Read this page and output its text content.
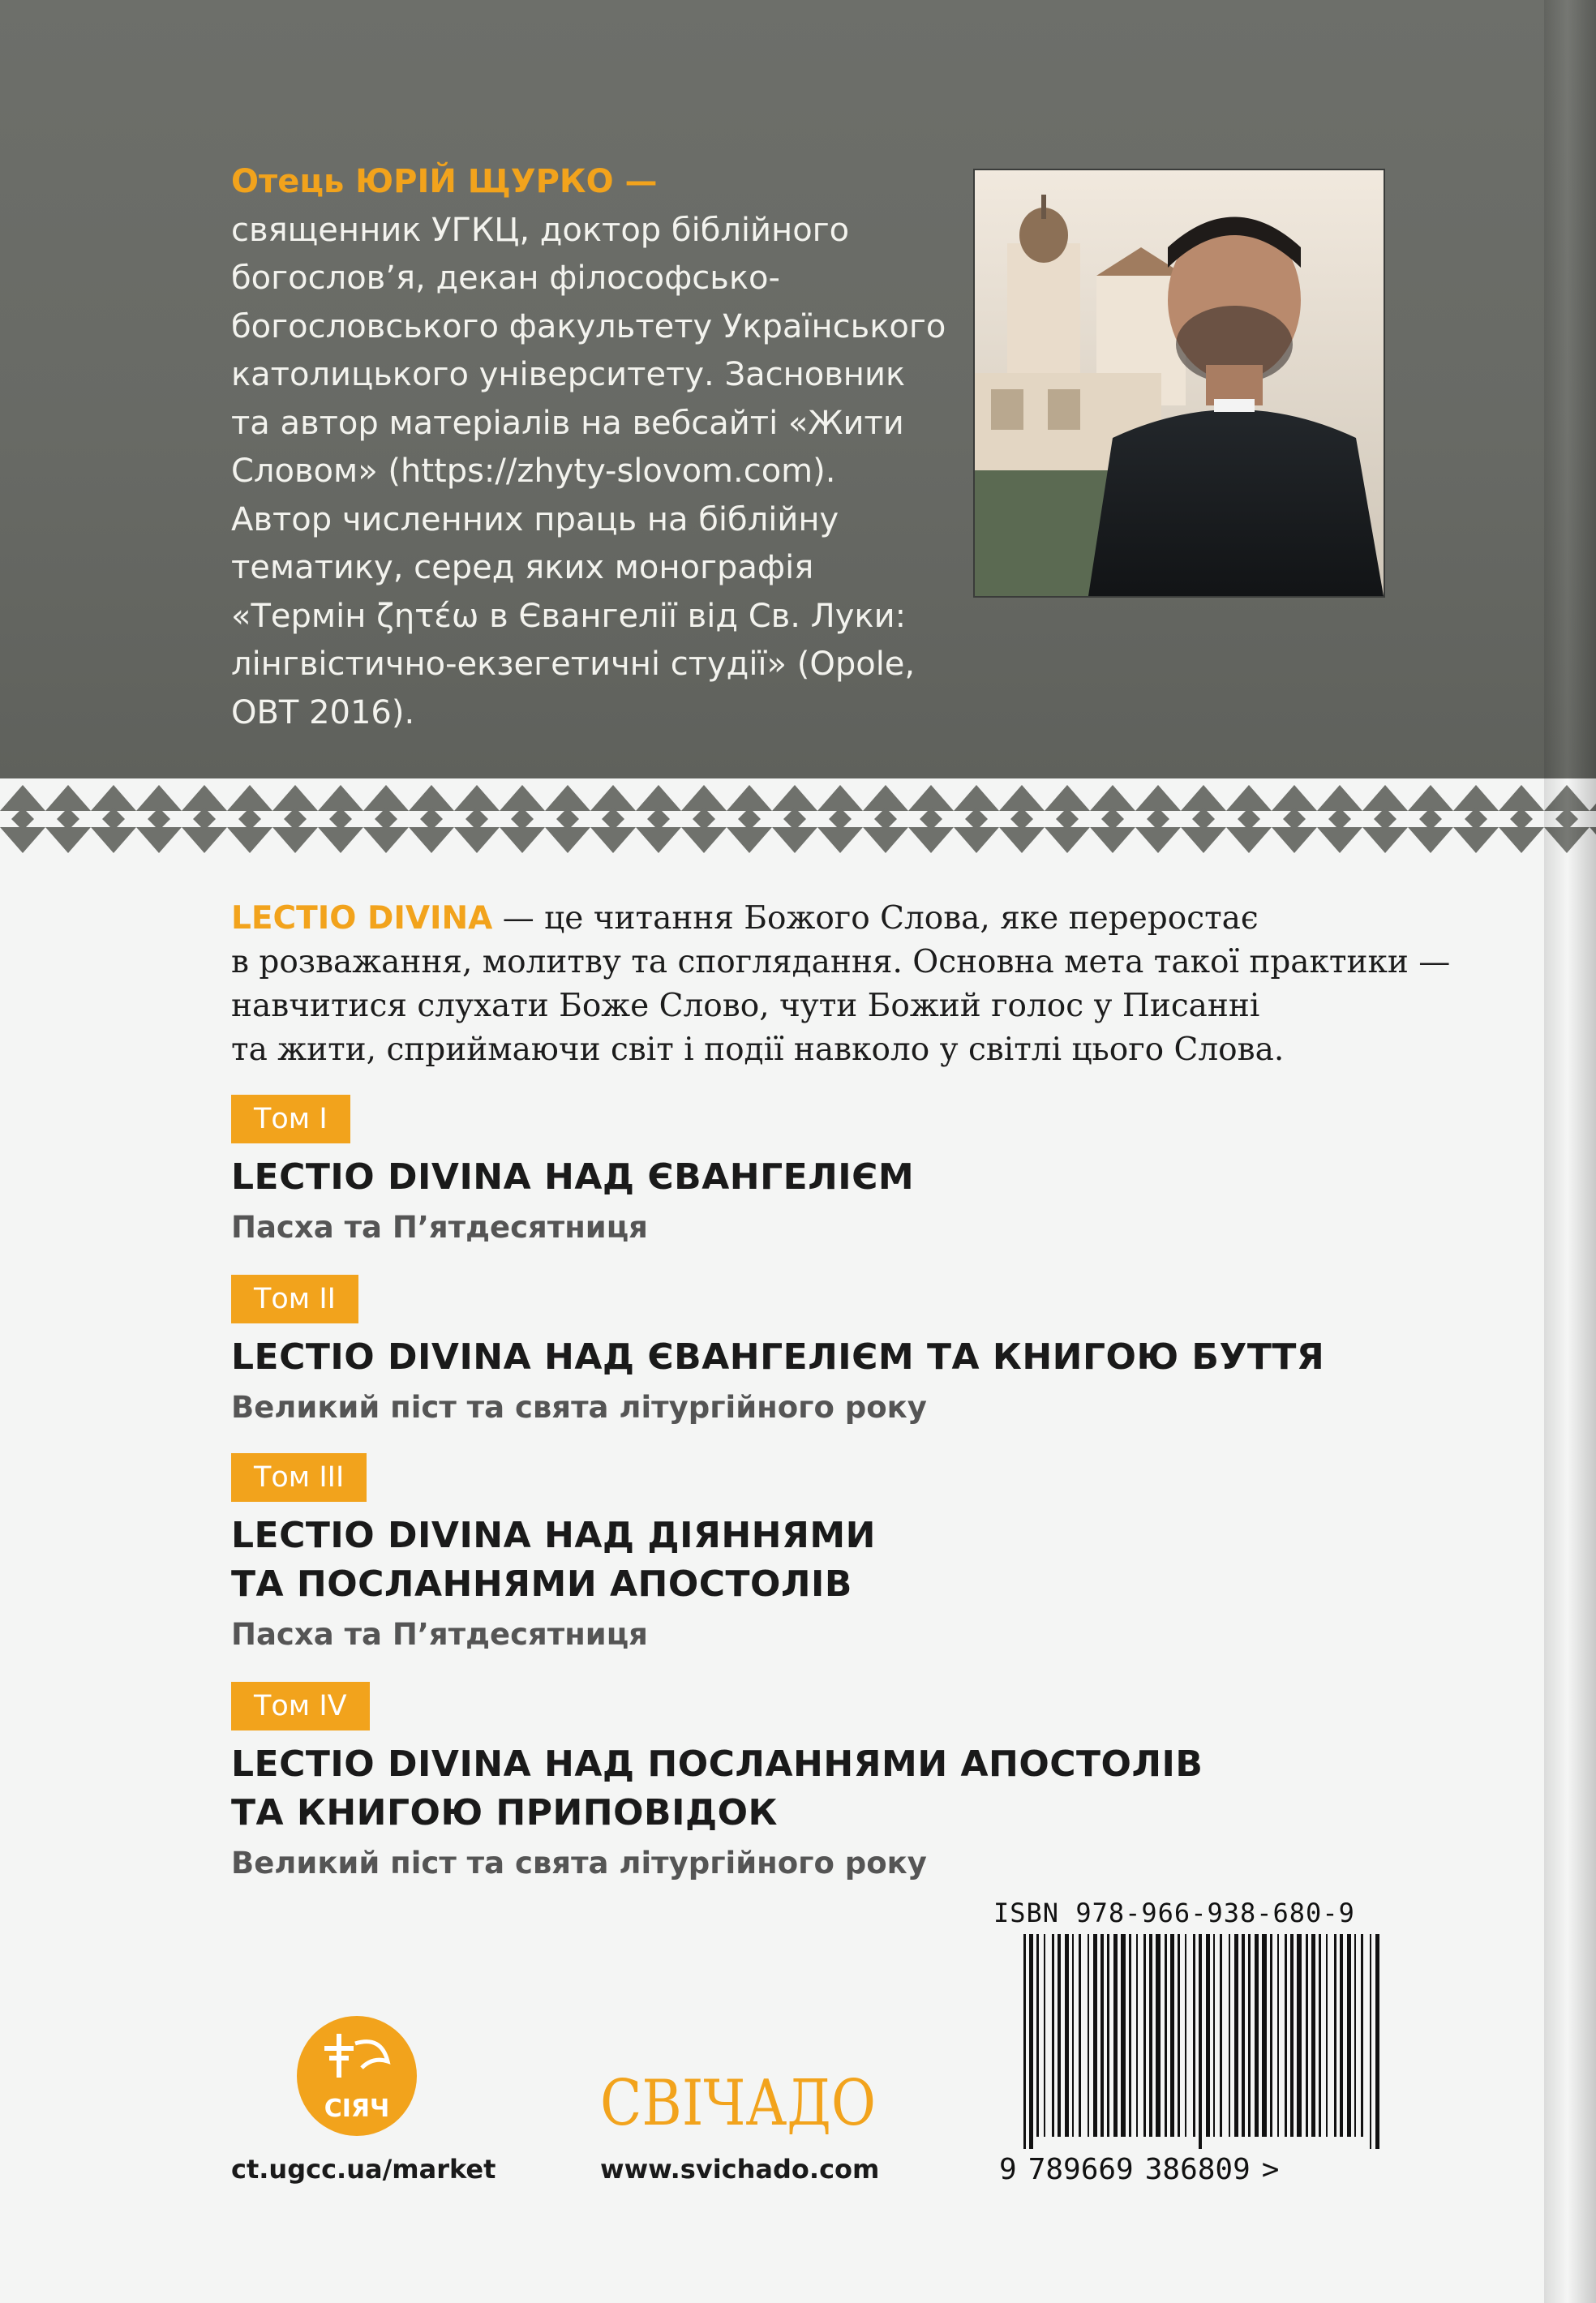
Отець ЮРІЙ ЩУРКО —
священник УГКЦ, доктор біблійного
богослов’я, декан філософсько-
богословського факультету Українського
католицького університету. Засновник
та автор матеріалів на вебсайті «Жити
Словом» (https://zhyty-slovom.com).
Автор численних праць на біблійну
тематику, серед яких монографія
«Термін ζητέω в Євангелії від Св. Луки:
лінгвістично-екзегетичні студії» (Opole,
OBT 2016).
LECTIO DIVINA — це читання Божого Слова, яке переростає
в розважання, молитву та споглядання. Основна мета такої практики —
навчитися слухати Боже Слово, чути Божий голос у Писанні
та жити, сприймаючи світ і події навколо у світлі цього Слова.
Том I
LECTIO DIVINA НАД ЄВАНГЕЛІЄМ
Пасха та П’ятдесятниця
Том II
LECTIO DIVINA НАД ЄВАНГЕЛІЄМ ТА КНИГОЮ БУТТЯ
Великий піст та свята літургійного року
Том III
LECTIO DIVINA НАД ДІЯННЯМИ
ТА ПОСЛАННЯМИ АПОСТОЛІВ
Пасха та П’ятдесятниця
Том IV
LECTIO DIVINA НАД ПОСЛАННЯМИ АПОСТОЛІВ
ТА КНИГОЮ ПРИПОВІДОК
Великий піст та свята літургійного року
ISBN 978-966-938-680-9
9 789669 386809 >
СІЯЧ
ct.ugcc.ua/market
СВІЧАДО
www.svichado.com
